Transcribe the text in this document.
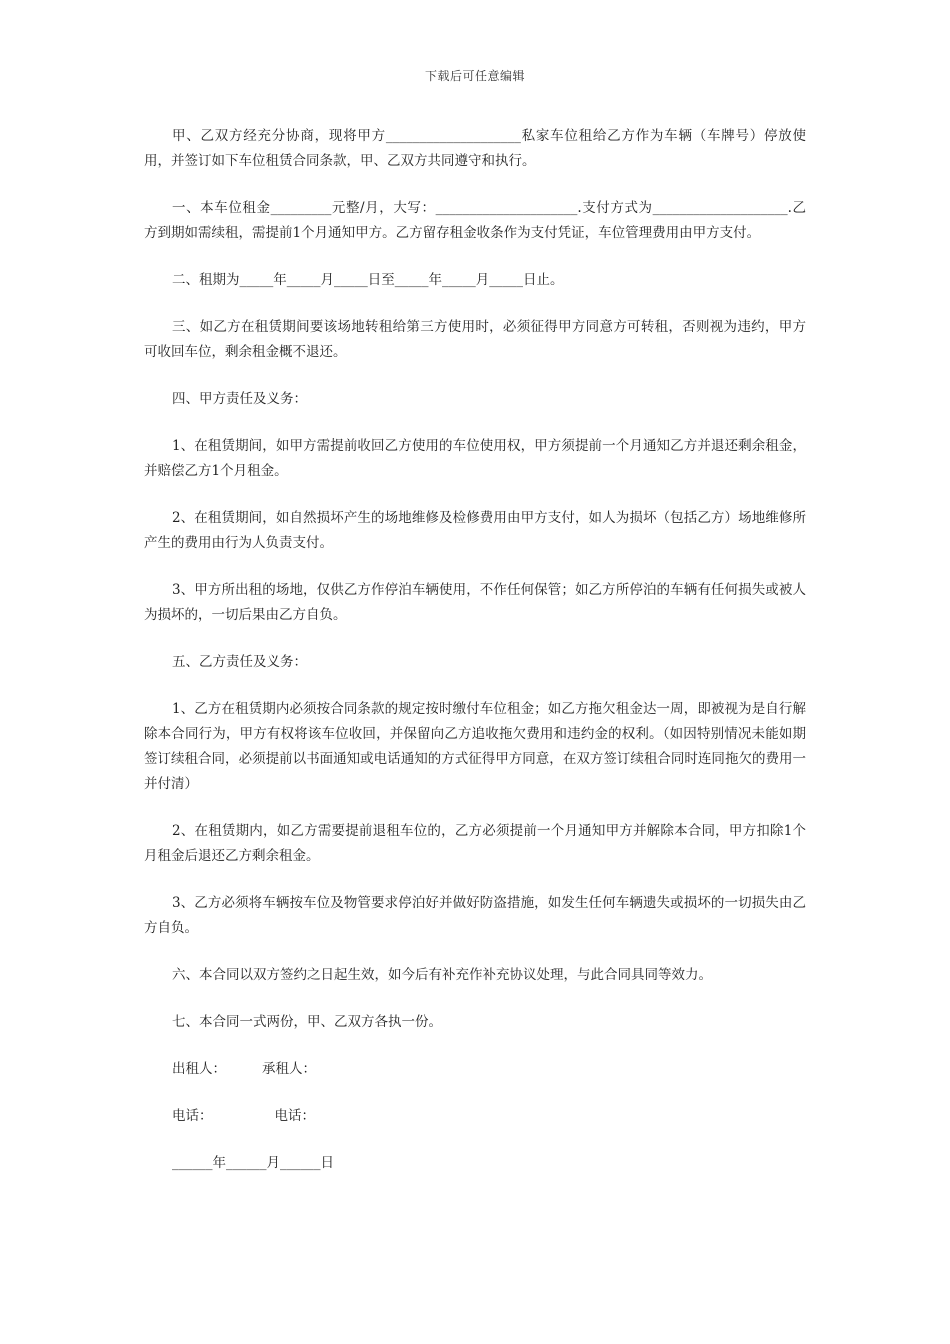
下载后可任意编辑

甲、乙双方经充分协商，现将甲方____________________私家车位租给乙方作为车辆（车牌号）停放使用，并签订如下车位租赁合同条款，甲、乙双方共同遵守和执行。

一、本车位租金_________元整/月，大写：_____________________.支付方式为____________________.乙方到期如需续租，需提前1个月通知甲方。乙方留存租金收条作为支付凭证，车位管理费用由甲方支付。

二、租期为_____年_____月_____日至_____年_____月_____日止。

三、如乙方在租赁期间要该场地转租给第三方使用时，必须征得甲方同意方可转租，否则视为违约，甲方可收回车位，剩余租金概不退还。

四、甲方责任及义务：

1、在租赁期间，如甲方需提前收回乙方使用的车位使用权，甲方须提前一个月通知乙方并退还剩余租金，并赔偿乙方1个月租金。

2、在租赁期间，如自然损坏产生的场地维修及检修费用由甲方支付，如人为损坏（包括乙方）场地维修所产生的费用由行为人负责支付。

3、甲方所出租的场地，仅供乙方作停泊车辆使用，不作任何保管；如乙方所停泊的车辆有任何损失或被人为损坏的，一切后果由乙方自负。

五、乙方责任及义务：

1、乙方在租赁期内必须按合同条款的规定按时缴付车位租金；如乙方拖欠租金达一周，即被视为是自行解除本合同行为，甲方有权将该车位收回，并保留向乙方追收拖欠费用和违约金的权利。（如因特别情况未能如期签订续租合同，必须提前以书面通知或电话通知的方式征得甲方同意，在双方签订续租合同时连同拖欠的费用一并付清）

2、在租赁期内，如乙方需要提前退租车位的，乙方必须提前一个月通知甲方并解除本合同，甲方扣除1个月租金后退还乙方剩余租金。

3、乙方必须将车辆按车位及物管要求停泊好并做好防盗措施，如发生任何车辆遗失或损坏的一切损失由乙方自负。

六、本合同以双方签约之日起生效，如今后有补充作补充协议处理，与此合同具同等效力。

七、本合同一式两份，甲、乙双方各执一份。

出租人：	承租人：
电话：	电话：
______年______月______日
